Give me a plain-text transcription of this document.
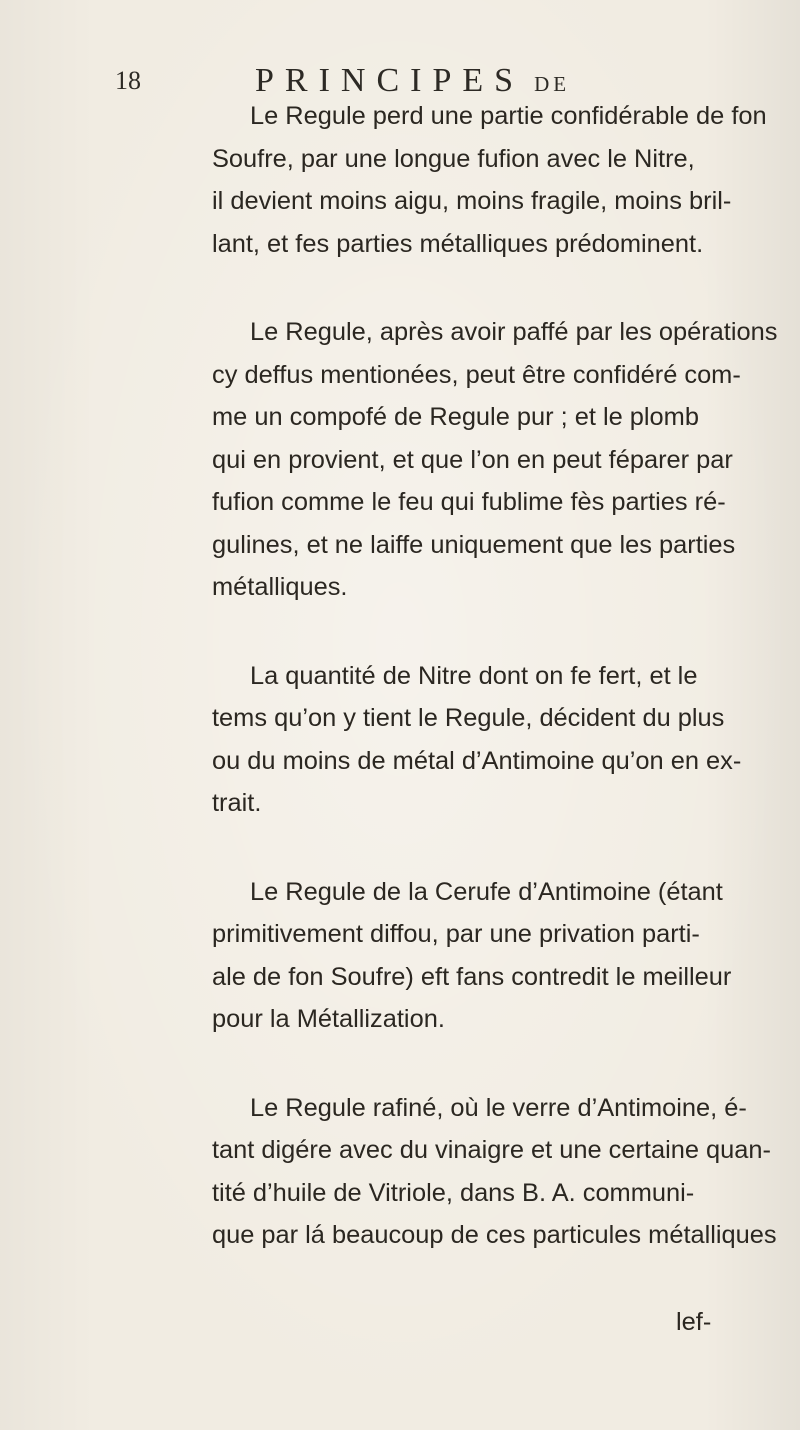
18	PRINCIPES DE

Le Regule perd une partie confidérable de fon
Soufre, par une longue fufion avec le Nitre,
il devient moins aigu, moins fragile, moins bril-
lant, et fes parties métalliques prédominent.

Le Regule, après avoir paffé par les opérations
cy deffus mentionées, peut être confidéré com-
me un compofé de Regule pur ; et le plomb
qui en provient, et que l’on en peut féparer par
fufion comme le feu qui fublime fès parties ré-
gulines, et ne laiffe uniquement que les parties
métalliques.

La quantité de Nitre dont on fe fert, et le
tems qu’on y tient le Regule, décident du plus
ou du moins de métal d’Antimoine qu’on en ex-
trait.

Le Regule de la Cerufe d’Antimoine (étant
primitivement diffou, par une privation parti-
ale de fon Soufre) eft fans contredit le meilleur
pour la Métallization.

Le Regule rafiné, où le verre d’Antimoine, é-
tant digére avec du vinaigre et une certaine quan-
tité d’huile de Vitriole, dans B. A. communi-
que par lá beaucoup de ces particules métalliques

lef-
